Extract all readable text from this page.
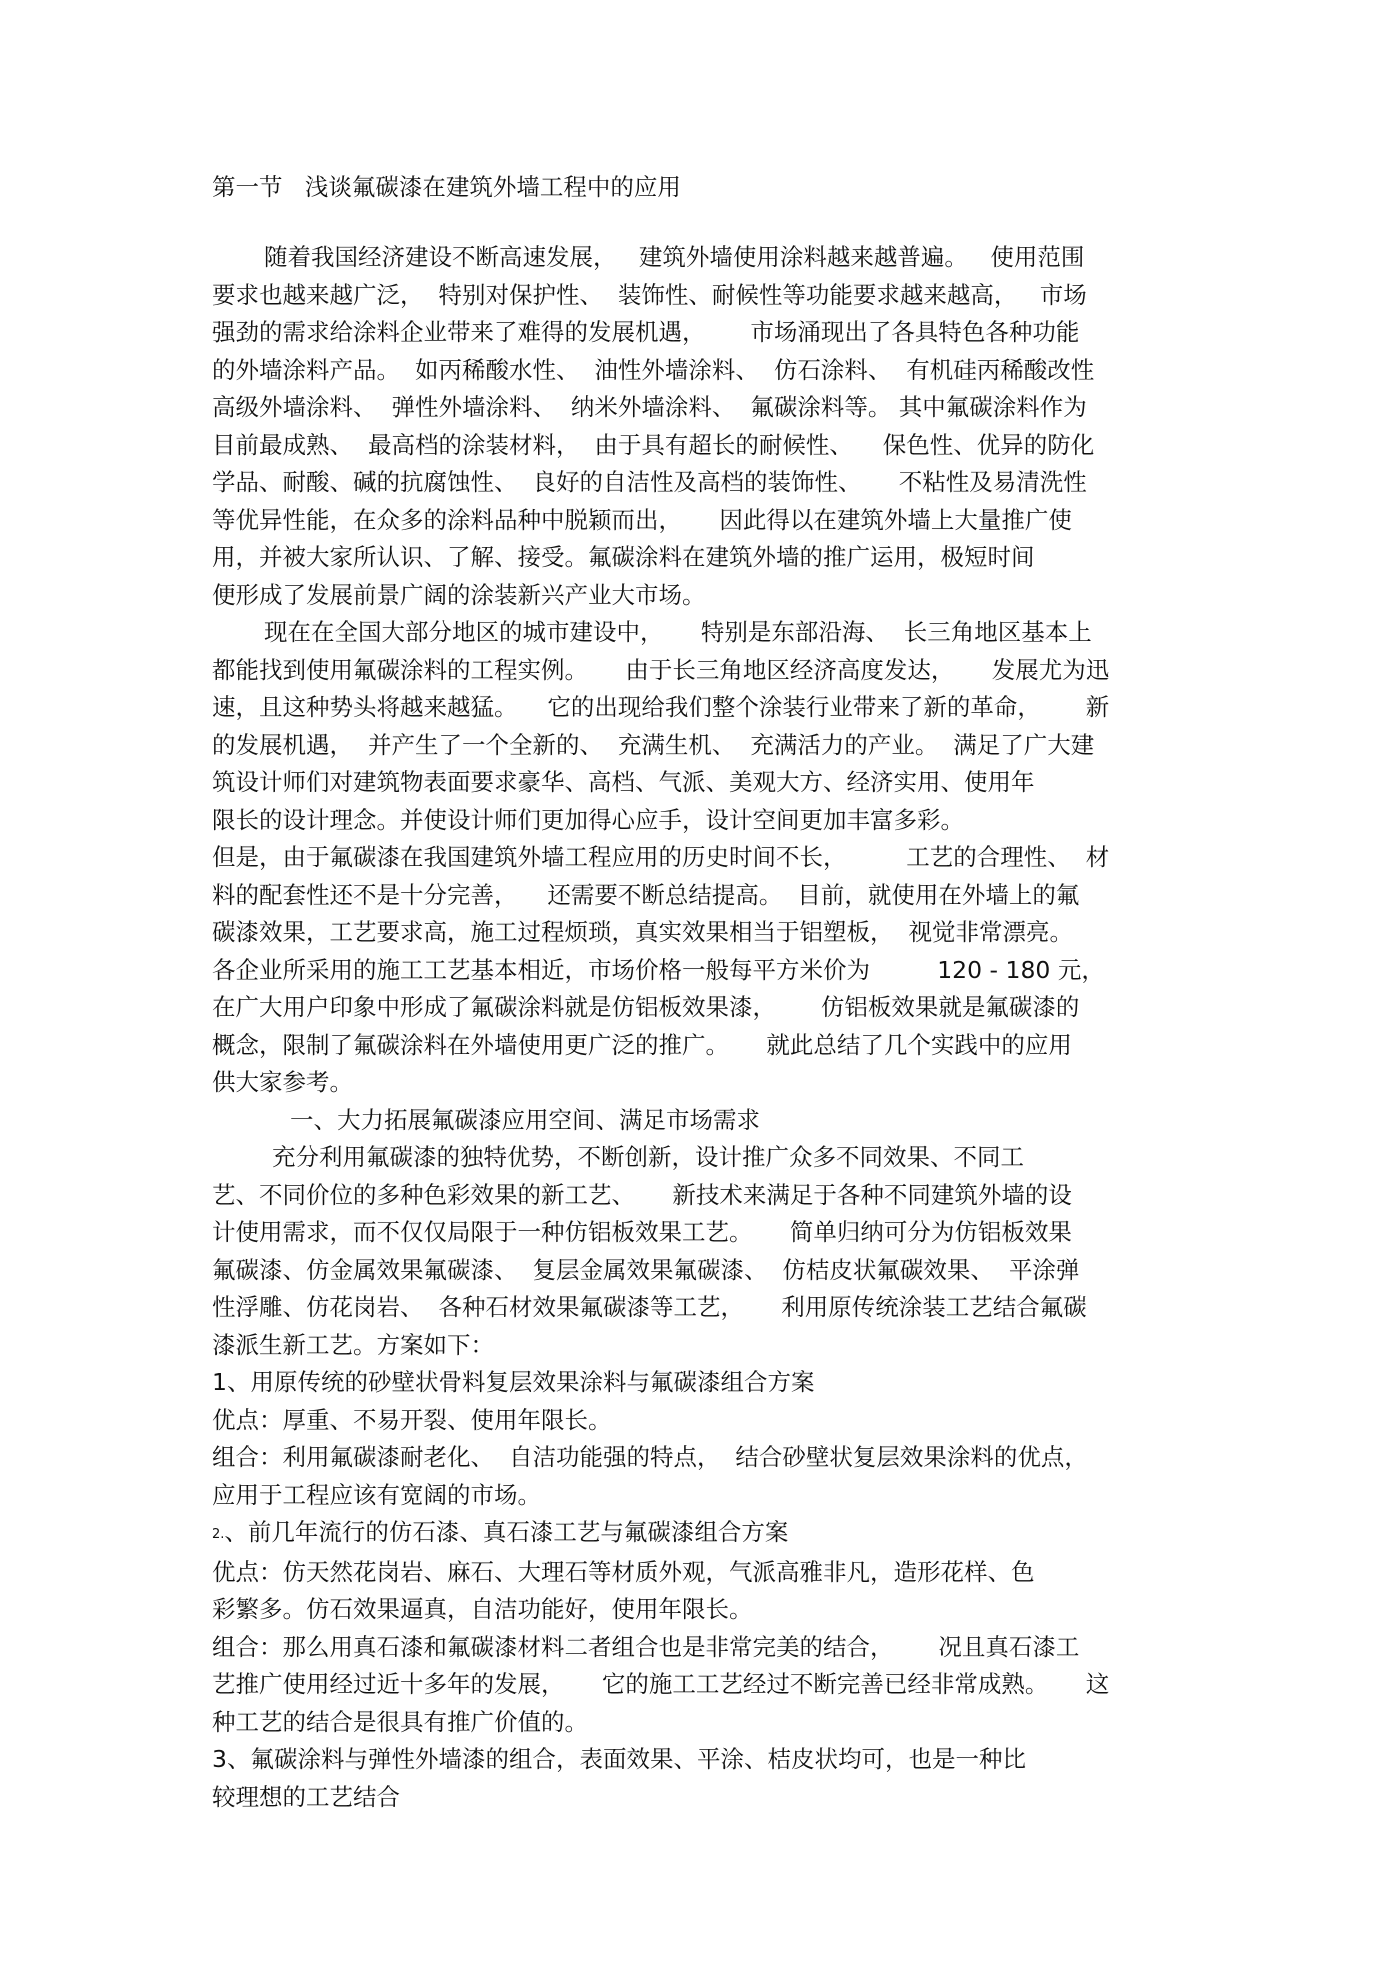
第一节   浅谈氟碳漆在建筑外墙工程中的应用
随着我国经济建设不断高速发展，   建筑外墙使用涂料越来越普遍。   使用范围
要求也越来越广泛，  特别对保护性、  装饰性、耐候性等功能要求越来越高，   市场
强劲的需求给涂料企业带来了难得的发展机遇，      市场涌现出了各具特色各种功能
的外墙涂料产品。  如丙稀酸水性、  油性外墙涂料、  仿石涂料、  有机硅丙稀酸改性
高级外墙涂料、  弹性外墙涂料、  纳米外墙涂料、  氟碳涂料等。 其中氟碳涂料作为
目前最成熟、  最高档的涂装材料，  由于具有超长的耐候性、    保色性、优异的防化
学品、耐酸、碱的抗腐蚀性、  良好的自洁性及高档的装饰性、     不粘性及易清洗性
等优异性能，在众多的涂料品种中脱颖而出，     因此得以在建筑外墙上大量推广使
用，并被大家所认识、了解、接受。氟碳涂料在建筑外墙的推广运用，极短时间
便形成了发展前景广阔的涂装新兴产业大市场。
现在在全国大部分地区的城市建设中，     特别是东部沿海、  长三角地区基本上
都能找到使用氟碳涂料的工程实例。     由于长三角地区经济高度发达，     发展尤为迅
速，且这种势头将越来越猛。    它的出现给我们整个涂装行业带来了新的革命，      新
的发展机遇，  并产生了一个全新的、  充满生机、  充满活力的产业。  满足了广大建
筑设计师们对建筑物表面要求豪华、高档、气派、美观大方、经济实用、使用年
限长的设计理念。并使设计师们更加得心应手，设计空间更加丰富多彩。
但是，由于氟碳漆在我国建筑外墙工程应用的历史时间不长，        工艺的合理性、  材
料的配套性还不是十分完善，    还需要不断总结提高。  目前，就使用在外墙上的氟
碳漆效果，工艺要求高，施工过程烦琐，真实效果相当于铝塑板，  视觉非常漂亮。
各企业所采用的施工工艺基本相近，市场价格一般每平方米价为         120 - 180 元，
在广大用户印象中形成了氟碳涂料就是仿铝板效果漆，      仿铝板效果就是氟碳漆的
概念，限制了氟碳涂料在外墙使用更广泛的推广。     就此总结了几个实践中的应用
供大家参考。
一、大力拓展氟碳漆应用空间、满足市场需求
充分利用氟碳漆的独特优势，不断创新，设计推广众多不同效果、不同工
艺、不同价位的多种色彩效果的新工艺、     新技术来满足于各种不同建筑外墙的设
计使用需求，而不仅仅局限于一种仿铝板效果工艺。     简单归纳可分为仿铝板效果
氟碳漆、仿金属效果氟碳漆、  复层金属效果氟碳漆、  仿桔皮状氟碳效果、  平涂弹
性浮雕、仿花岗岩、  各种石材效果氟碳漆等工艺，     利用原传统涂装工艺结合氟碳
漆派生新工艺。方案如下：
1、用原传统的砂壁状骨料复层效果涂料与氟碳漆组合方案
优点：厚重、不易开裂、使用年限长。
组合：利用氟碳漆耐老化、  自洁功能强的特点，  结合砂壁状复层效果涂料的优点，
应用于工程应该有宽阔的市场。
2.、前几年流行的仿石漆、真石漆工艺与氟碳漆组合方案
优点：仿天然花岗岩、麻石、大理石等材质外观，气派高雅非凡，造形花样、色
彩繁多。仿石效果逼真，自洁功能好，使用年限长。
组合：那么用真石漆和氟碳漆材料二者组合也是非常完美的结合，      况且真石漆工
艺推广使用经过近十多年的发展，     它的施工工艺经过不断完善已经非常成熟。     这
种工艺的结合是很具有推广价值的。
3、氟碳涂料与弹性外墙漆的组合，表面效果、平涂、桔皮状均可，也是一种比
较理想的工艺结合
